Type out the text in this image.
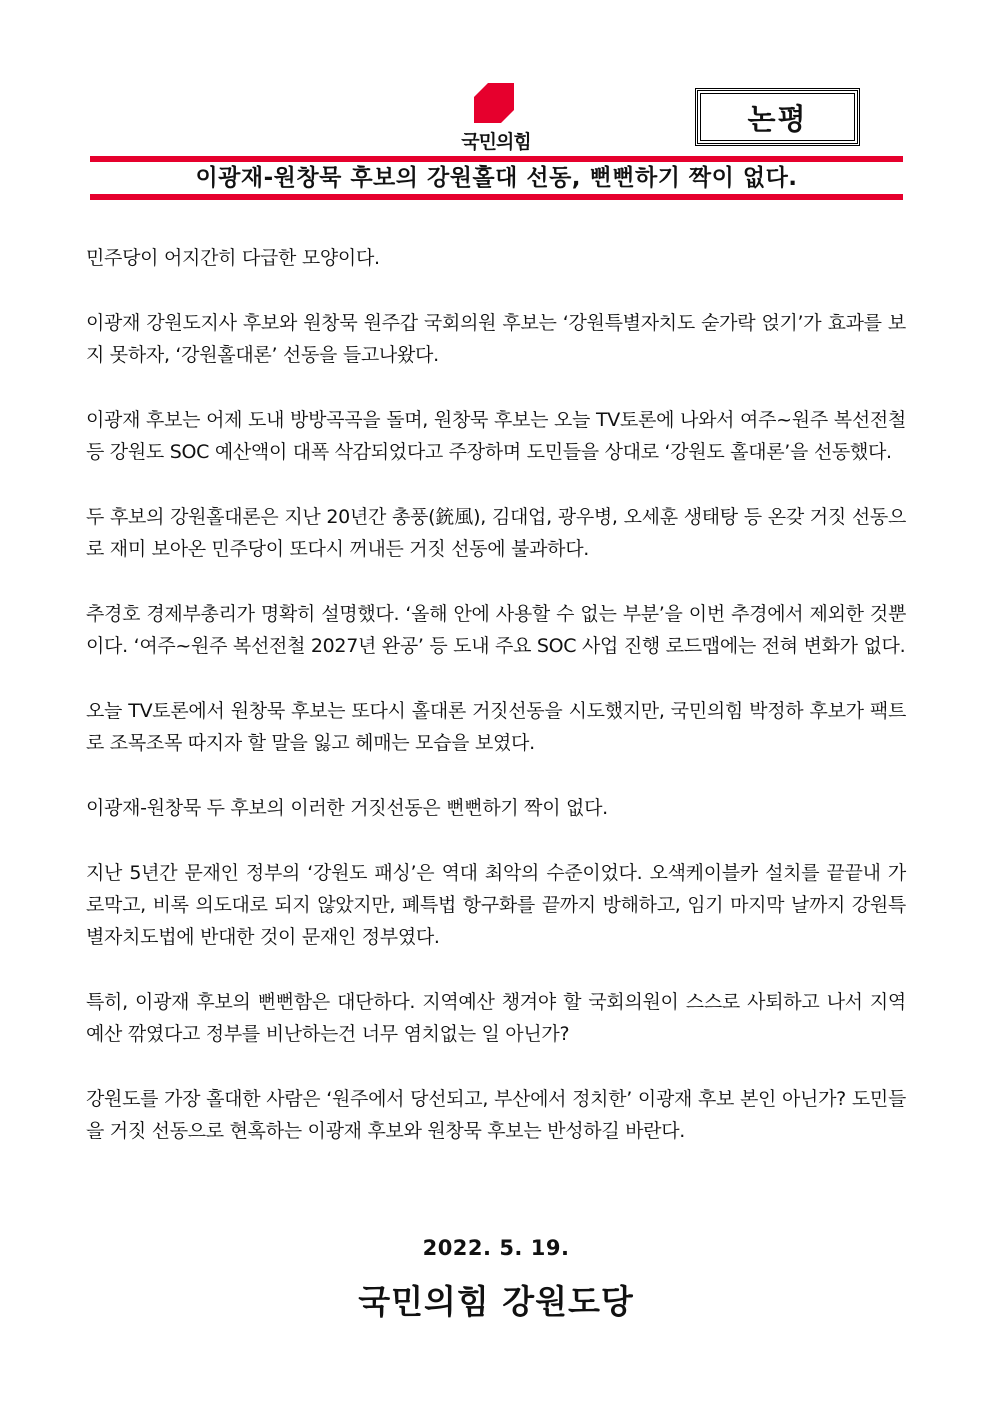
국민의힘
논평
이광재-원창묵 후보의 강원홀대 선동, 뻔뻔하기 짝이 없다.

민주당이 어지간히 다급한 모양이다.

이광재 강원도지사 후보와 원창묵 원주갑 국회의원 후보는 ‘강원특별자치도 숟가락 얹기’가 효과를 보지 못하자, ‘강원홀대론’ 선동을 들고나왔다.

이광재 후보는 어제 도내 방방곡곡을 돌며, 원창묵 후보는 오늘 TV토론에 나와서 여주~원주 복선전철 등 강원도 SOC 예산액이 대폭 삭감되었다고 주장하며 도민들을 상대로 ‘강원도 홀대론’을 선동했다.

두 후보의 강원홀대론은 지난 20년간 총풍(銃風), 김대업, 광우병, 오세훈 생태탕 등 온갖 거짓 선동으로 재미 보아온 민주당이 또다시 꺼내든 거짓 선동에 불과하다.

추경호 경제부총리가 명확히 설명했다. ‘올해 안에 사용할 수 없는 부분’을 이번 추경에서 제외한 것뿐이다. ‘여주~원주 복선전철 2027년 완공’ 등 도내 주요 SOC 사업 진행 로드맵에는 전혀 변화가 없다.

오늘 TV토론에서 원창묵 후보는 또다시 홀대론 거짓선동을 시도했지만, 국민의힘 박정하 후보가 팩트로 조목조목 따지자 할 말을 잃고 헤매는 모습을 보였다.

이광재-원창묵 두 후보의 이러한 거짓선동은 뻔뻔하기 짝이 없다.

지난 5년간 문재인 정부의 ‘강원도 패싱’은 역대 최악의 수준이었다. 오색케이블카 설치를 끝끝내 가로막고, 비록 의도대로 되지 않았지만, 폐특법 항구화를 끝까지 방해하고, 임기 마지막 날까지 강원특별자치도법에 반대한 것이 문재인 정부였다.

특히, 이광재 후보의 뻔뻔함은 대단하다. 지역예산 챙겨야 할 국회의원이 스스로 사퇴하고 나서 지역예산 깎였다고 정부를 비난하는건 너무 염치없는 일 아닌가?

강원도를 가장 홀대한 사람은 ‘원주에서 당선되고, 부산에서 정치한’ 이광재 후보 본인 아닌가? 도민들을 거짓 선동으로 현혹하는 이광재 후보와 원창묵 후보는 반성하길 바란다.

2022. 5. 19.
국민의힘 강원도당
